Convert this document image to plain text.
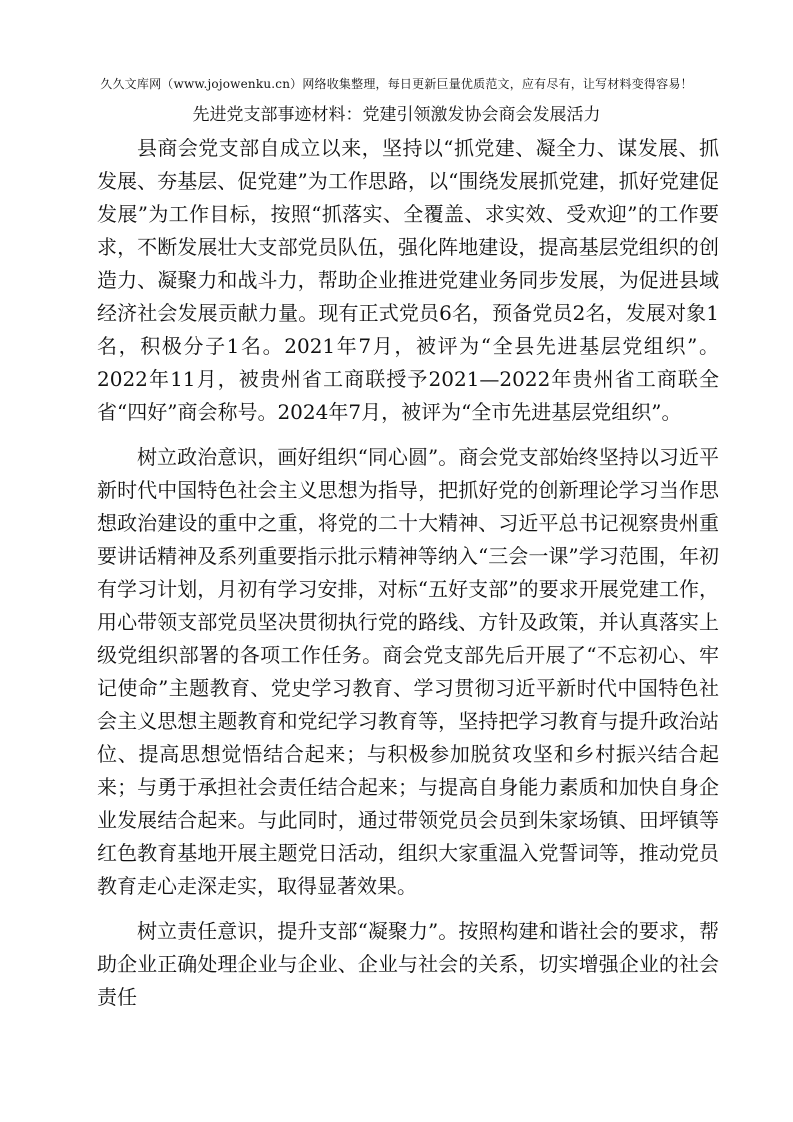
久久文库网（www.jojowenku.cn）网络收集整理，每日更新巨量优质范文，应有尽有，让写材料变得容易！
先进党支部事迹材料：党建引领激发协会商会发展活力

县商会党支部自成立以来，坚持以“抓党建、凝全力、谋发展、抓发展、夯基层、促党建”为工作思路，以“围绕发展抓党建，抓好党建促发展”为工作目标，按照“抓落实、全覆盖、求实效、受欢迎”的工作要求，不断发展壮大支部党员队伍，强化阵地建设，提高基层党组织的创造力、凝聚力和战斗力，帮助企业推进党建业务同步发展，为促进县域经济社会发展贡献力量。现有正式党员6名，预备党员2名，发展对象1名，积极分子1名。2021年7月，被评为“全县先进基层党组织”。2022年11月，被贵州省工商联授予2021—2022年贵州省工商联全省“四好”商会称号。2024年7月，被评为“全市先进基层党组织”。

树立政治意识，画好组织“同心圆”。商会党支部始终坚持以习近平新时代中国特色社会主义思想为指导，把抓好党的创新理论学习当作思想政治建设的重中之重，将党的二十大精神、习近平总书记视察贵州重要讲话精神及系列重要指示批示精神等纳入“三会一课”学习范围，年初有学习计划，月初有学习安排，对标“五好支部”的要求开展党建工作，用心带领支部党员坚决贯彻执行党的路线、方针及政策，并认真落实上级党组织部署的各项工作任务。商会党支部先后开展了“不忘初心、牢记使命”主题教育、党史学习教育、学习贯彻习近平新时代中国特色社会主义思想主题教育和党纪学习教育等，坚持把学习教育与提升政治站位、提高思想觉悟结合起来；与积极参加脱贫攻坚和乡村振兴结合起来；与勇于承担社会责任结合起来；与提高自身能力素质和加快自身企业发展结合起来。与此同时，通过带领党员会员到朱家场镇、田坪镇等红色教育基地开展主题党日活动，组织大家重温入党誓词等，推动党员教育走心走深走实，取得显著效果。

树立责任意识，提升支部“凝聚力”。按照构建和谐社会的要求，帮助企业正确处理企业与企业、企业与社会的关系，切实增强企业的社会责任
